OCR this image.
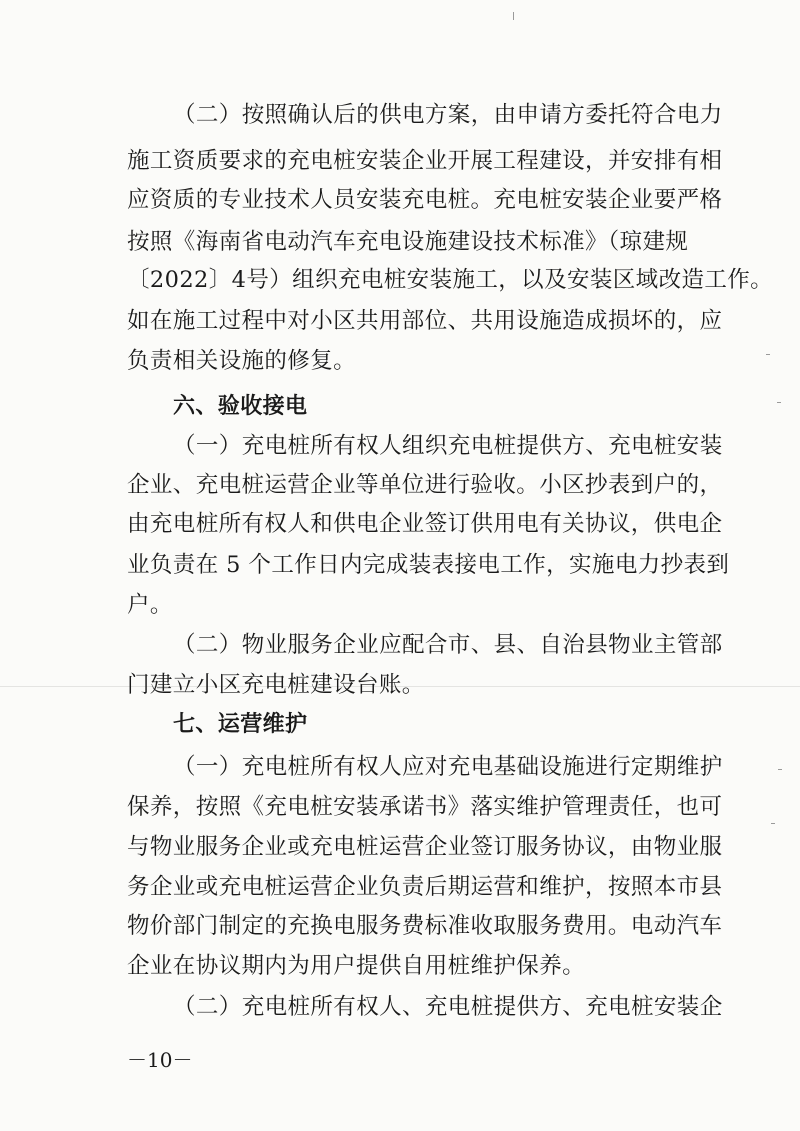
（二）按照确认后的供电方案，由申请方委托符合电力
施工资质要求的充电桩安装企业开展工程建设，并安排有相
应资质的专业技术人员安装充电桩。充电桩安装企业要严格
按照《海南省电动汽车充电设施建设技术标准》（琼建规
〔2022〕4号）组织充电桩安装施工，以及安装区域改造工作。
如在施工过程中对小区共用部位、共用设施造成损坏的，应
负责相关设施的修复。
六、验收接电
（一）充电桩所有权人组织充电桩提供方、充电桩安装
企业、充电桩运营企业等单位进行验收。小区抄表到户的，
由充电桩所有权人和供电企业签订供用电有关协议，供电企
业负责在 5 个工作日内完成装表接电工作，实施电力抄表到
户。
（二）物业服务企业应配合市、县、自治县物业主管部
门建立小区充电桩建设台账。
七、运营维护
（一）充电桩所有权人应对充电基础设施进行定期维护
保养，按照《充电桩安装承诺书》落实维护管理责任，也可
与物业服务企业或充电桩运营企业签订服务协议，由物业服
务企业或充电桩运营企业负责后期运营和维护，按照本市县
物价部门制定的充换电服务费标准收取服务费用。电动汽车
企业在协议期内为用户提供自用桩维护保养。
（二）充电桩所有权人、充电桩提供方、充电桩安装企
－10－
